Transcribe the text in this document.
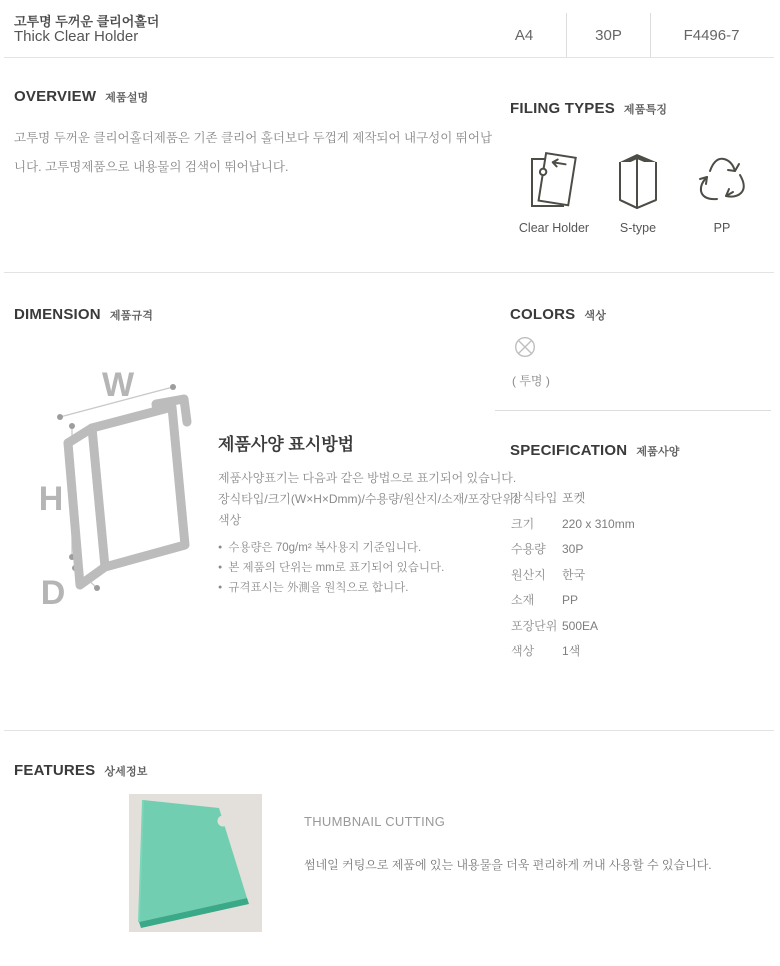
고투명 두꺼운 클리어홀더
Thick Clear Holder	A4	30P	F4496-7
OVERVIEW 제품설명
고투명 두꺼운 클리어홀더제품은 기존 클리어 홀더보다 두껍게 제작되어 내구성이 뛰어납니다. 고투명제품으로 내용물의 검색이 뛰어납니다.
FILING TYPES 제품특징
Clear Holder S-type	PP
DIMENSION 제품규격
W
H
D
제품사양 표시방법
제품사양표기는 다음과 같은 방법으로 표기되어 있습니다.
장식타입/크기(W×H×Dmm)/수용량/원산지/소재/포장단위/색상
● 수용량은 70g/m² 복사용지 기준입니다.
● 본 제품의 단위는 mm로 표기되어 있습니다.
● 규격표시는 外測을 원칙으로 합니다.
COLORS 색상
( 투명 )
SPECIFICATION 제품사양
장식타입 포켓
크기	220 x 310mm
수용량	30P
원산지	한국
소재	PP
포장단위 500EA
색상	1색
FEATURES 상세정보
THUMBNAIL CUTTING
썸네일 커팅으로 제품에 있는 내용물을 더욱 편리하게 꺼내 사용할 수 있습니다.
